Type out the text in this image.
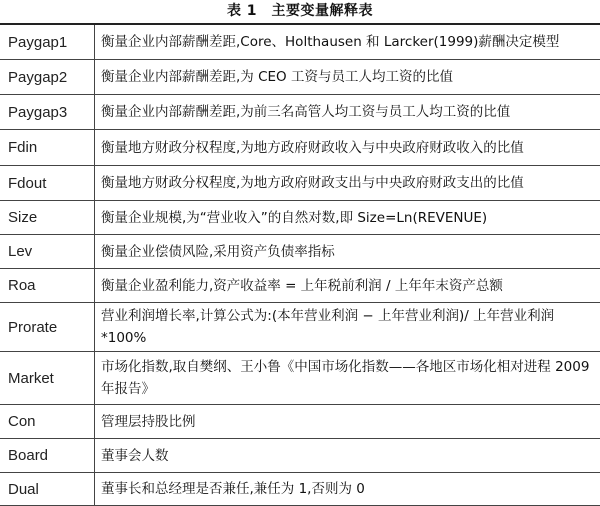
表 1　主要变量解释表
Paygap1	衡量企业内部薪酬差距,Core、Holthausen 和 Larcker(1999)薪酬决定模型
Paygap2	衡量企业内部薪酬差距,为 CEO 工资与员工人均工资的比值
Paygap3	衡量企业内部薪酬差距,为前三名高管人均工资与员工人均工资的比值
Fdin	衡量地方财政分权程度,为地方政府财政收入与中央政府财政收入的比值
Fdout	衡量地方财政分权程度,为地方政府财政支出与中央政府财政支出的比值
Size	衡量企业规模,为“营业收入”的自然对数,即 Size=Ln(REVENUE)
Lev	衡量企业偿债风险,采用资产负债率指标
Roa	衡量企业盈利能力,资产收益率 = 上年税前利润 / 上年年末资产总额
Prorate	营业利润增长率,计算公式为:(本年营业利润 − 上年营业利润)/ 上年营业利润 *100%
Market	市场化指数,取自樊纲、王小鲁《中国市场化指数——各地区市场化相对进程 2009 年报告》
Con	管理层持股比例
Board	董事会人数
Dual	董事长和总经理是否兼任,兼任为 1,否则为 0
